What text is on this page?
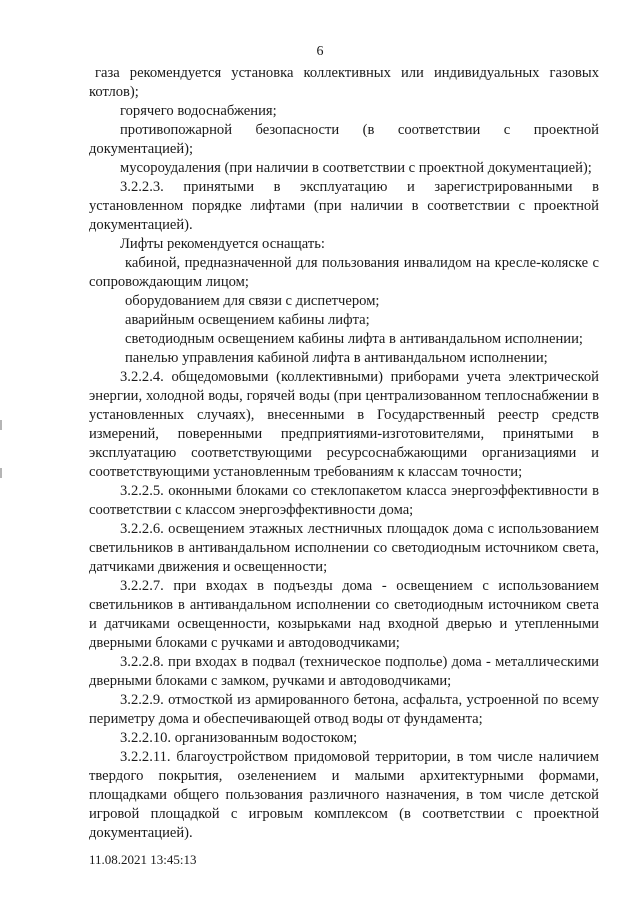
6

газа рекомендуется установка коллективных или индивидуальных газовых котлов);

горячего водоснабжения;

противопожарной безопасности (в соответствии с проектной документацией);

мусороудаления (при наличии в соответствии с проектной документацией);

3.2.2.3. принятыми в эксплуатацию и зарегистрированными в установленном порядке лифтами (при наличии в соответствии с проектной документацией).

Лифты рекомендуется оснащать:

кабиной, предназначенной для пользования инвалидом на кресле-коляске с сопровождающим лицом;

оборудованием для связи с диспетчером;

аварийным освещением кабины лифта;

светодиодным освещением кабины лифта в антивандальном исполнении;

панелью управления кабиной лифта в антивандальном исполнении;

3.2.2.4. общедомовыми (коллективными) приборами учета электрической энергии, холодной воды, горячей воды (при централизованном теплоснабжении в установленных случаях), внесенными в Государственный реестр средств измерений, поверенными предприятиями-изготовителями, принятыми в эксплуатацию соответствующими ресурсоснабжающими организациями и соответствующими установленным требованиям к классам точности;

3.2.2.5. оконными блоками со стеклопакетом класса энергоэффективности в соответствии с классом энергоэффективности дома;

3.2.2.6. освещением этажных лестничных площадок дома с использованием светильников в антивандальном исполнении со светодиодным источником света, датчиками движения и освещенности;

3.2.2.7. при входах в подъезды дома - освещением с использованием светильников в антивандальном исполнении со светодиодным источником света и датчиками освещенности, козырьками над входной дверью и утепленными дверными блоками с ручками и автодоводчиками;

3.2.2.8. при входах в подвал (техническое подполье) дома - металлическими дверными блоками с замком, ручками и автодоводчиками;

3.2.2.9. отмосткой из армированного бетона, асфальта, устроенной по всему периметру дома и обеспечивающей отвод воды от фундамента;

3.2.2.10. организованным водостоком;

3.2.2.11. благоустройством придомовой территории, в том числе наличием твердого покрытия, озеленением и малыми архитектурными формами, площадками общего пользования различного назначения, в том числе детской игровой площадкой с игровым комплексом (в соответствии с проектной документацией).

11.08.2021 13:45:13
